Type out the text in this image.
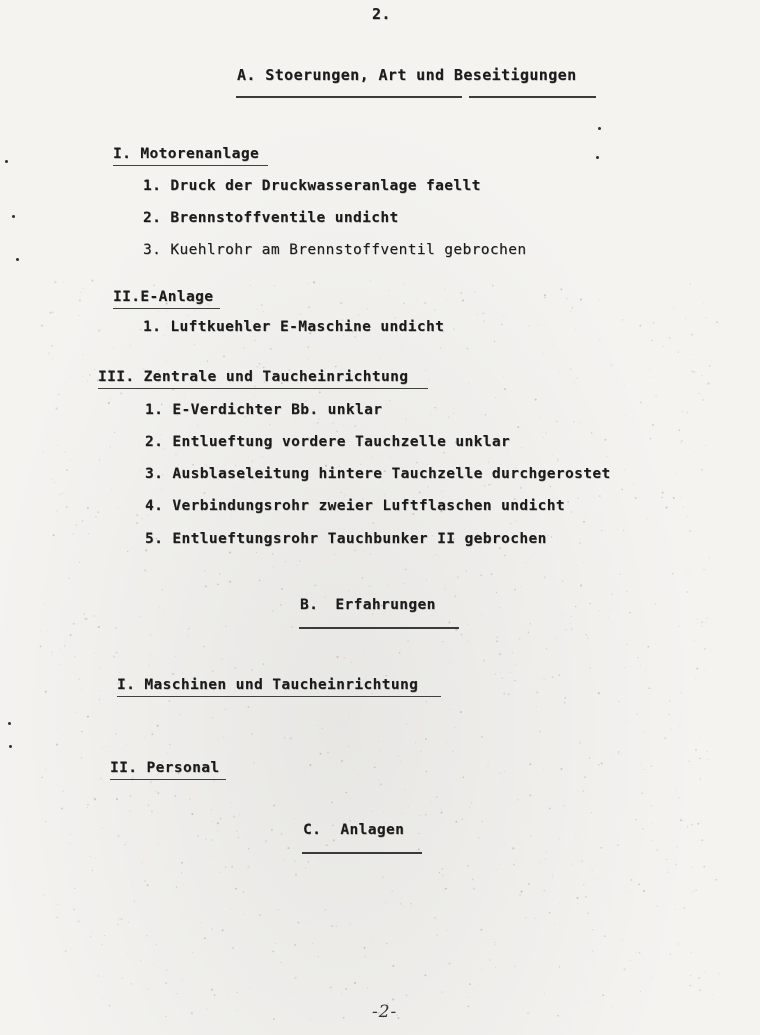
2.
A. Stoerungen, Art und Beseitigungen
I. Motorenanlage
1. Druck der Druckwasseranlage faellt
2. Brennstoffventile undicht
3. Kuehlrohr am Brennstoffventil gebrochen
II.E-Anlage
1. Luftkuehler E-Maschine undicht
III. Zentrale und Taucheinrichtung
1. E-Verdichter Bb. unklar
2. Entlueftung vordere Tauchzelle unklar
3. Ausblaseleitung hintere Tauchzelle durchgerostet
4. Verbindungsrohr zweier Luftflaschen undicht
5. Entlueftungsrohr Tauchbunker II gebrochen
B. Erfahrungen
I. Maschinen und Taucheinrichtung
II. Personal
C. Anlagen
-2-
